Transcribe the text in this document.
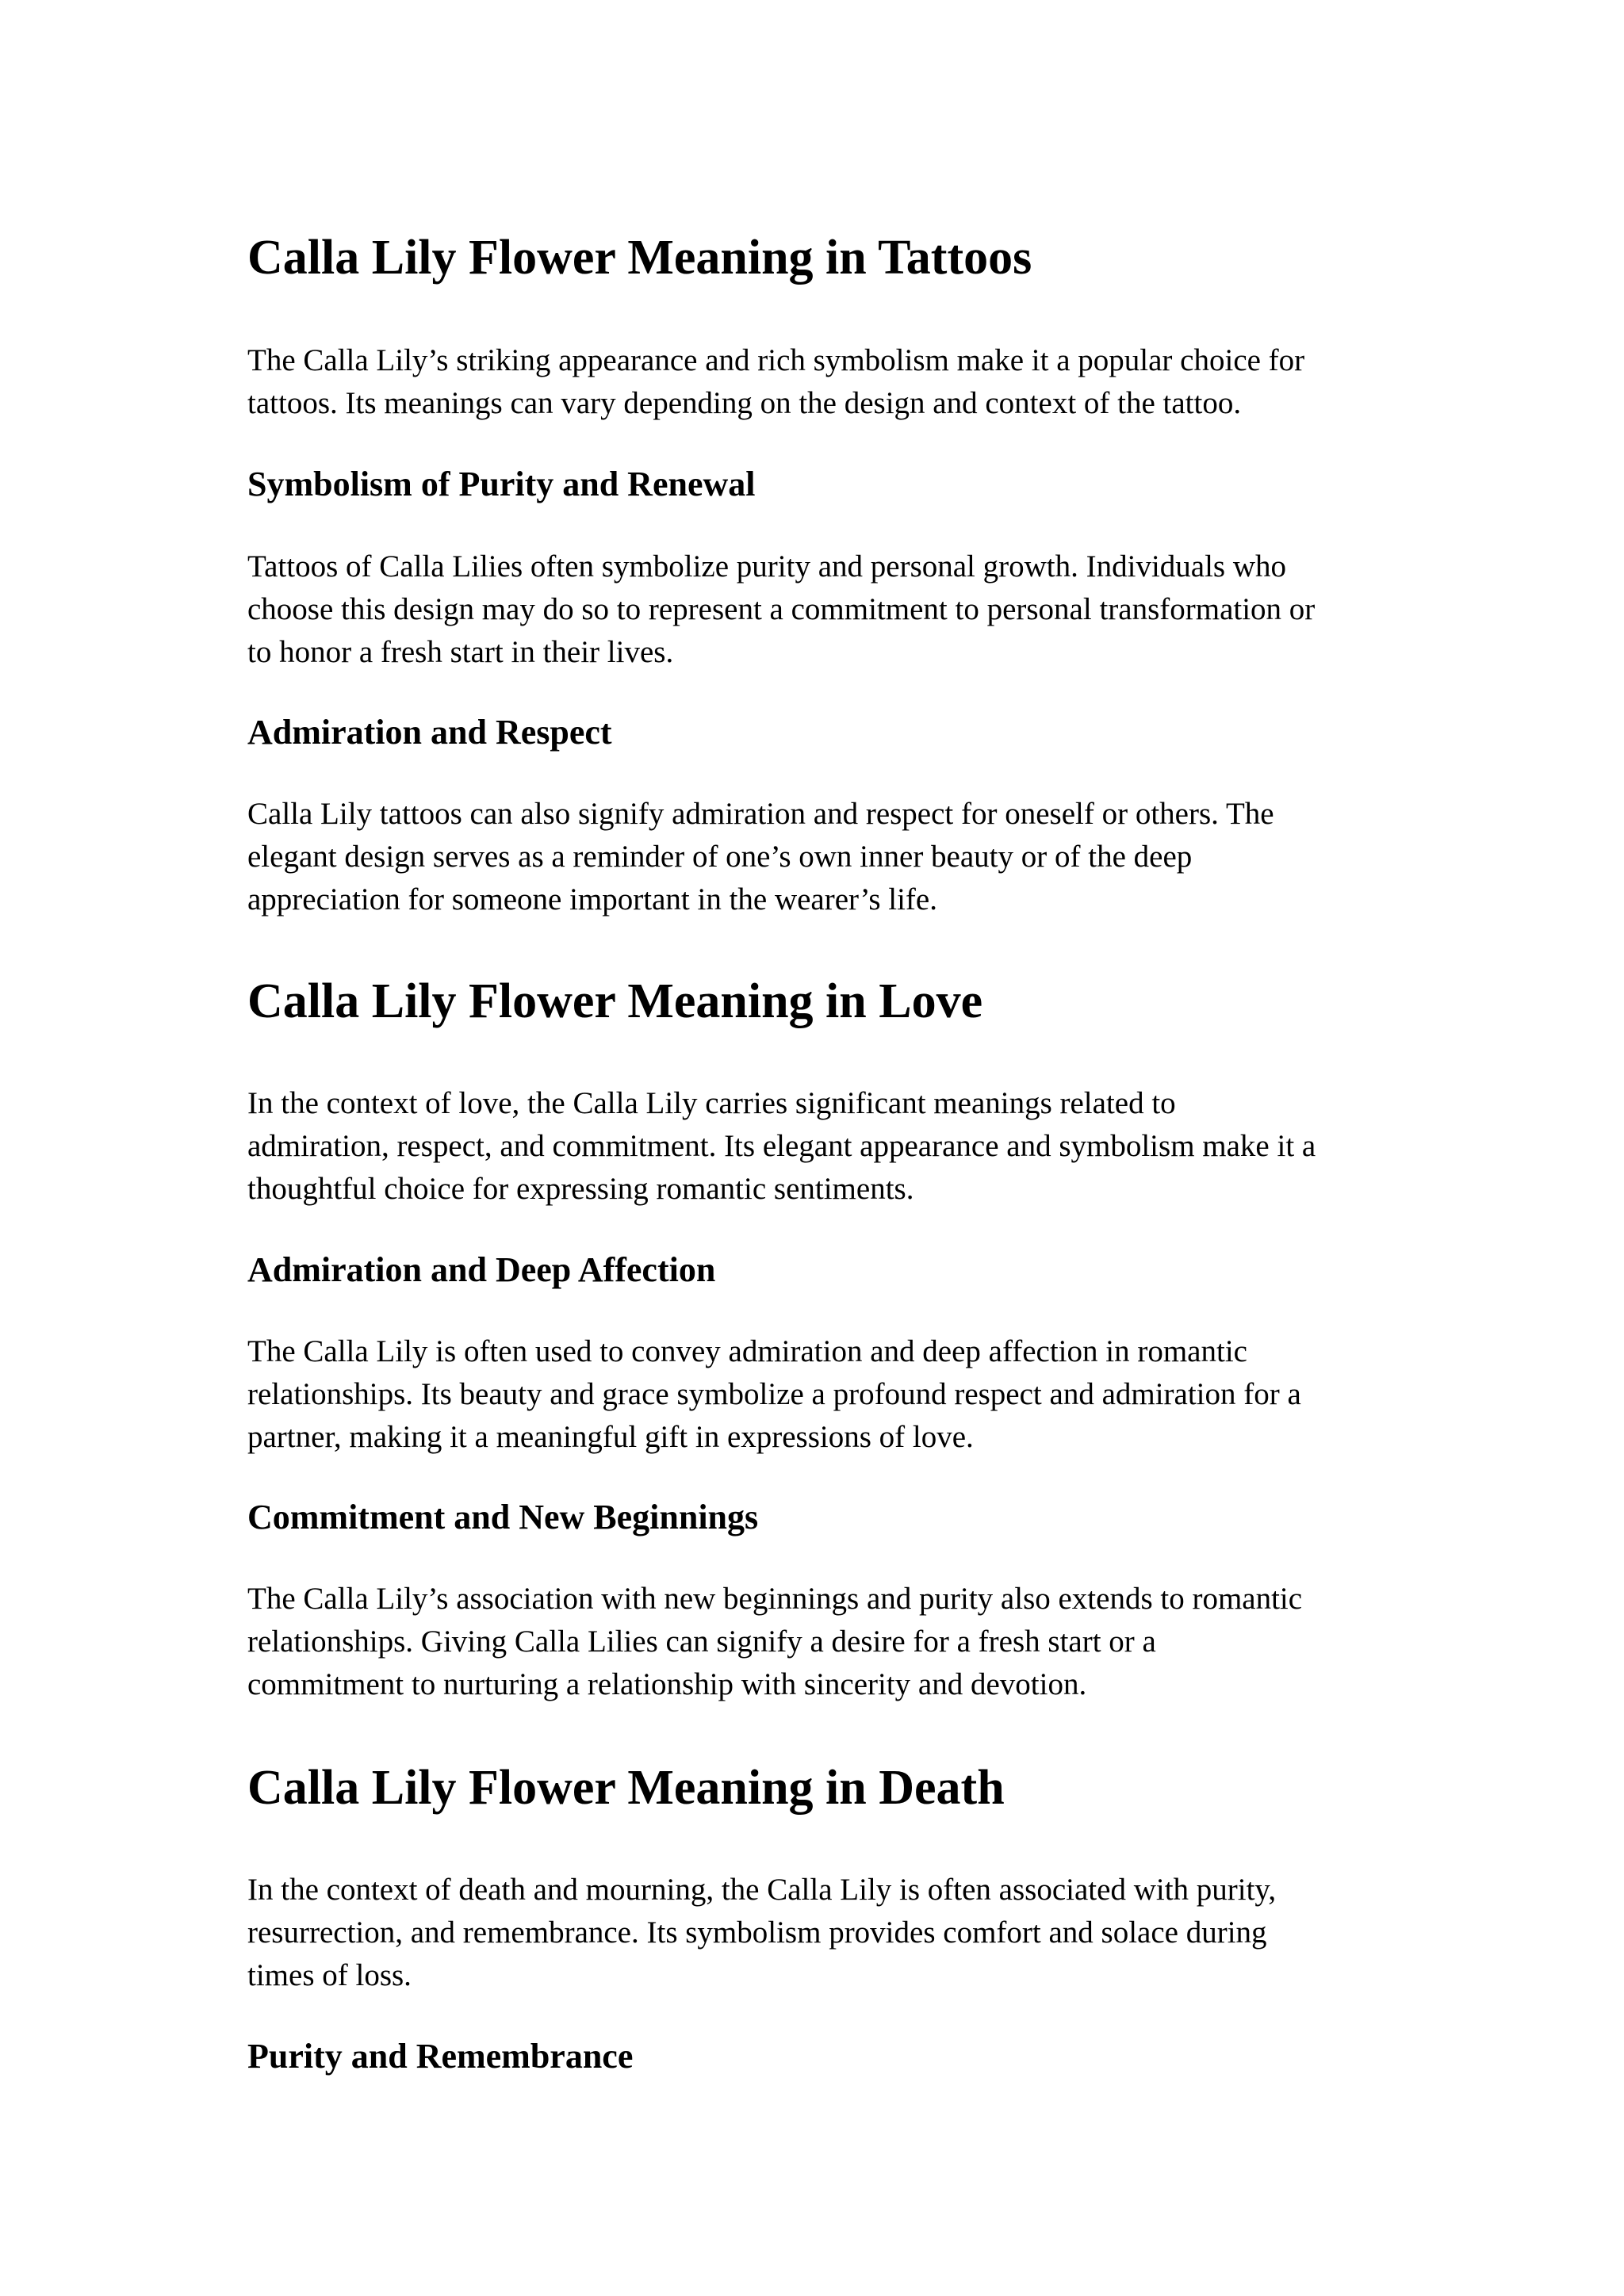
Calla Lily Flower Meaning in Tattoos

The Calla Lily’s striking appearance and rich symbolism make it a popular choice for
tattoos. Its meanings can vary depending on the design and context of the tattoo.

Symbolism of Purity and Renewal

Tattoos of Calla Lilies often symbolize purity and personal growth. Individuals who
choose this design may do so to represent a commitment to personal transformation or
to honor a fresh start in their lives.

Admiration and Respect

Calla Lily tattoos can also signify admiration and respect for oneself or others. The
elegant design serves as a reminder of one’s own inner beauty or of the deep
appreciation for someone important in the wearer’s life.

Calla Lily Flower Meaning in Love

In the context of love, the Calla Lily carries significant meanings related to
admiration, respect, and commitment. Its elegant appearance and symbolism make it a
thoughtful choice for expressing romantic sentiments.

Admiration and Deep Affection

The Calla Lily is often used to convey admiration and deep affection in romantic
relationships. Its beauty and grace symbolize a profound respect and admiration for a
partner, making it a meaningful gift in expressions of love.

Commitment and New Beginnings

The Calla Lily’s association with new beginnings and purity also extends to romantic
relationships. Giving Calla Lilies can signify a desire for a fresh start or a
commitment to nurturing a relationship with sincerity and devotion.

Calla Lily Flower Meaning in Death

In the context of death and mourning, the Calla Lily is often associated with purity,
resurrection, and remembrance. Its symbolism provides comfort and solace during
times of loss.

Purity and Remembrance
